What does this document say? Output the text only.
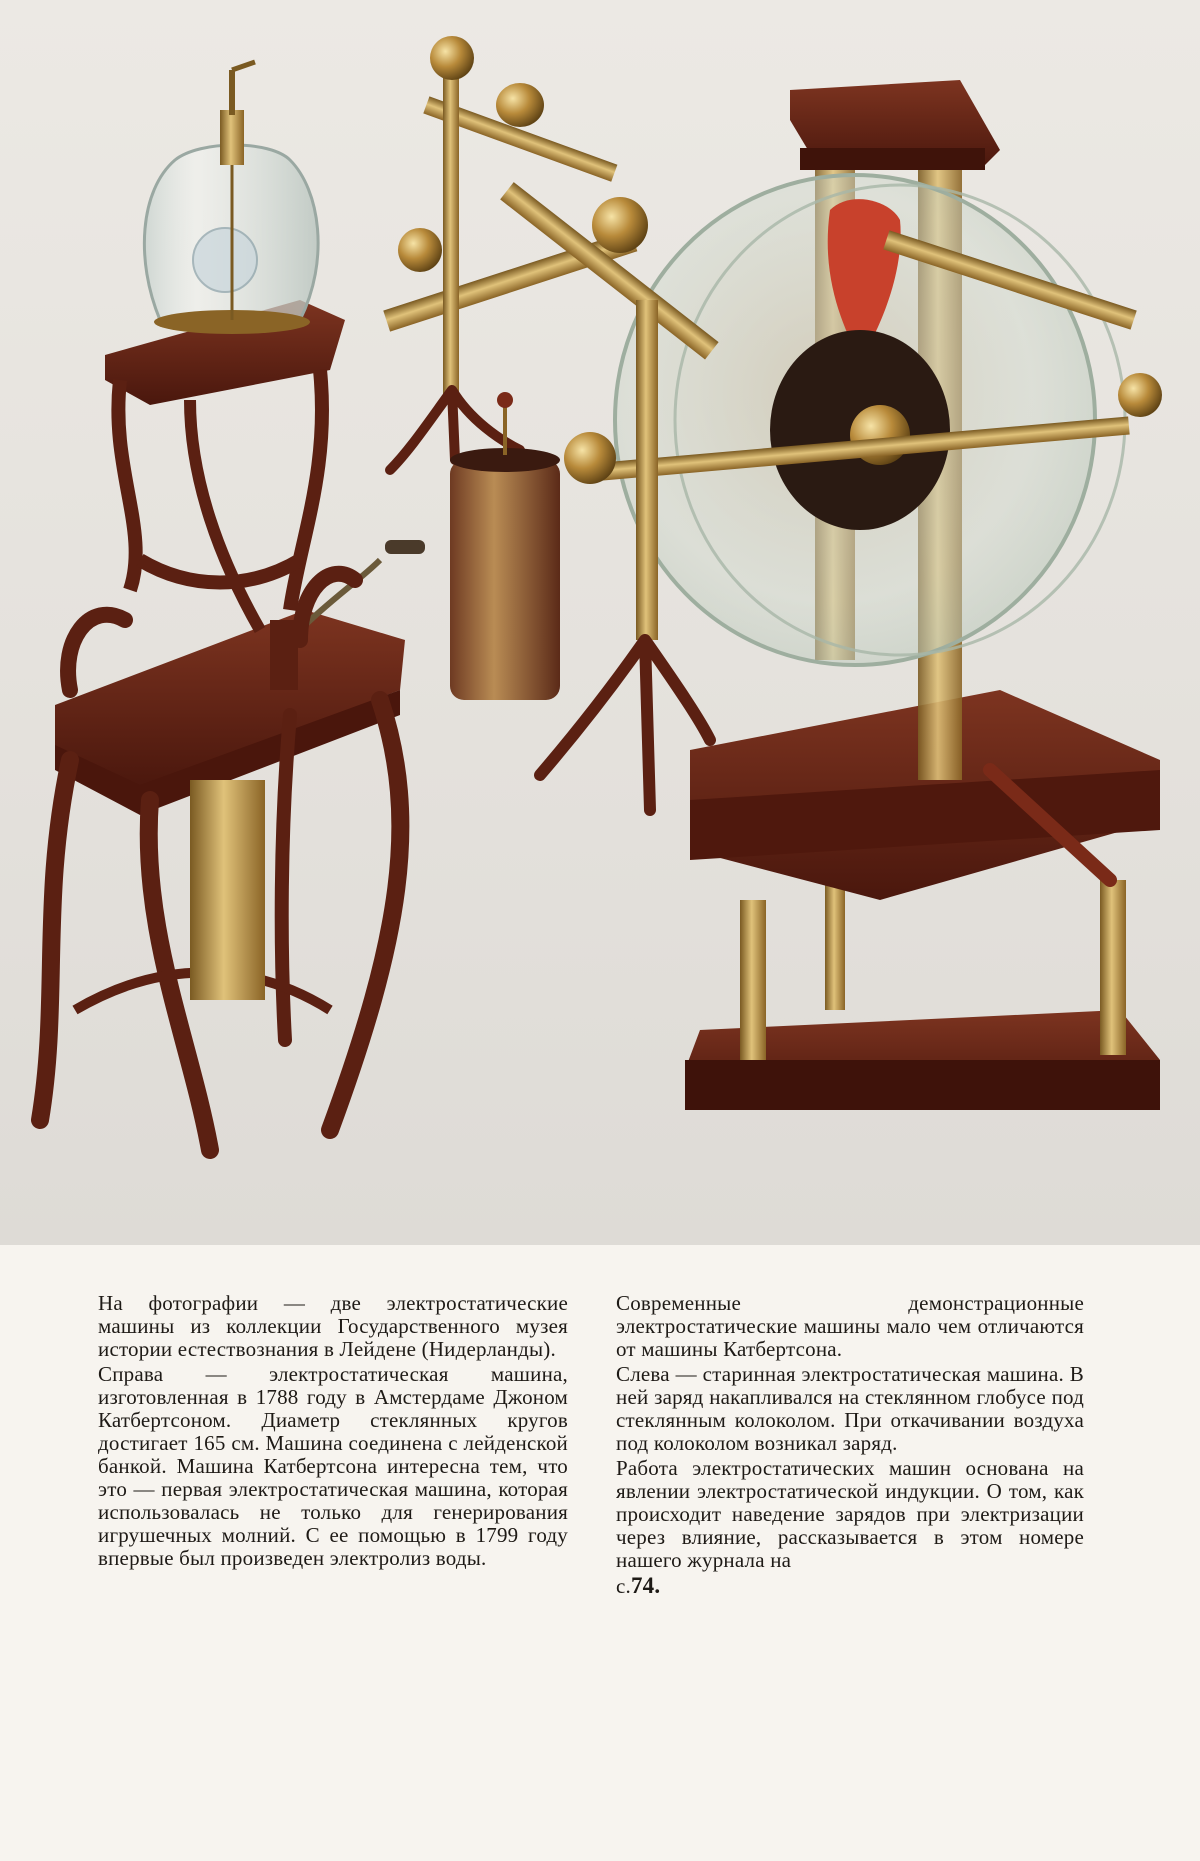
На фотографии — две электростатические машины из коллекции Государственного музея истории естествознания в Лейдене (Нидерланды).

Справа — электростатическая машина, изготовленная в 1788 году в Амстердаме Джоном Катбертсоном. Диаметр стеклянных кругов достигает 165 см. Машина соединена с лейденской банкой. Машина Катбертсона интересна тем, что это — первая электростатическая машина, которая использовалась не только для генерирования игрушечных молний. С ее помощью в 1799 году впервые был произведен электролиз воды.

Современные демонстрационные электростатические машины мало чем отличаются от машины Катбертсона.

Слева — старинная электростатическая машина. В ней заряд накапливался на стеклянном глобусе под стеклянным колоколом. При откачивании воздуха под колоколом возникал заряд.

Работа электростатических машин основана на явлении электростатической индукции. О том, как происходит наведение зарядов при электризации через влияние, рассказывается в этом номере нашего журнала на

с.74.
